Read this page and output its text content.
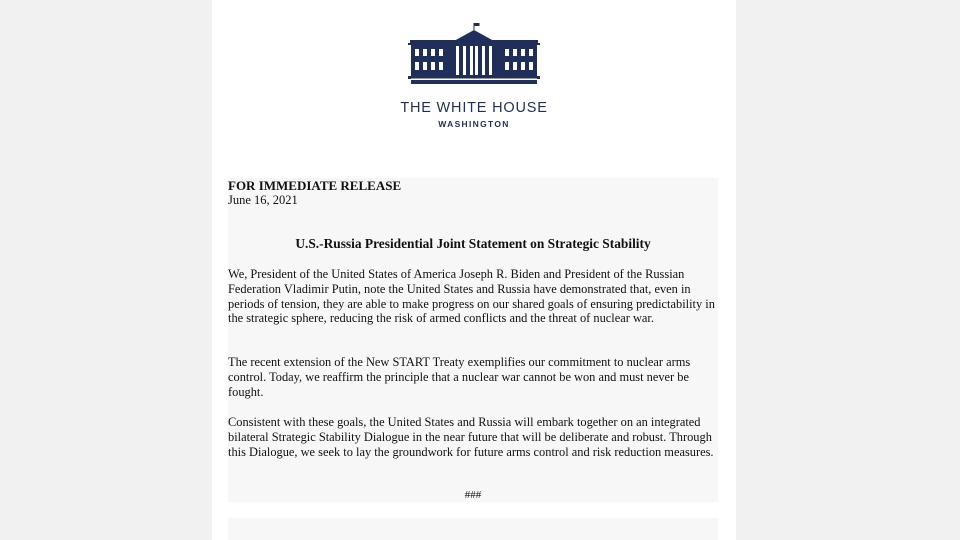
THE WHITE HOUSE
WASHINGTON
FOR IMMEDIATE RELEASE
June 16, 2021
U.S.-Russia Presidential Joint Statement on Strategic Stability

We, President of the United States of America Joseph R. Biden and President of the Russian Federation Vladimir Putin, note the United States and Russia have demonstrated that, even in periods of tension, they are able to make progress on our shared goals of ensuring predictability in the strategic sphere, reducing the risk of armed conflicts and the threat of nuclear war.

The recent extension of the New START Treaty exemplifies our commitment to nuclear arms control. Today, we reaffirm the principle that a nuclear war cannot be won and must never be fought.

Consistent with these goals, the United States and Russia will embark together on an integrated bilateral Strategic Stability Dialogue in the near future that will be deliberate and robust. Through this Dialogue, we seek to lay the groundwork for future arms control and risk reduction measures.

###
